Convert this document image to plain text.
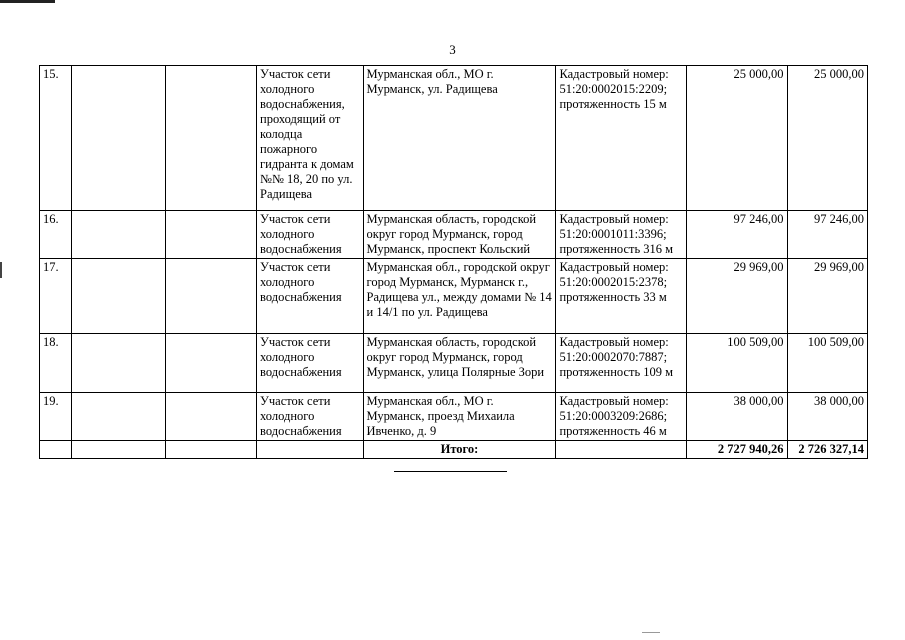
3
15.			Участок сети холодного водоснабжения, проходящий от колодца пожарного гидранта к домам №№ 18, 20 по ул. Радищева	Мурманская обл., МО г. Мурманск, ул. Радищева	Кадастровый номер: 51:20:0002015:2209; протяженность 15 м	25 000,00	25 000,00
16.			Участок сети холодного водоснабжения	Мурманская область, городской округ город Мурманск, город Мурманск, проспект Кольский	Кадастровый номер: 51:20:0001011:3396; протяженность 316 м	97 246,00	97 246,00
17.			Участок сети холодного водоснабжения	Мурманская обл., городской округ город Мурманск, Мурманск г., Радищева ул., между домами № 14 и 14/1 по ул. Радищева	Кадастровый номер: 51:20:0002015:2378; протяженность 33 м	29 969,00	29 969,00
18.			Участок сети холодного водоснабжения	Мурманская область, городской округ город Мурманск, город Мурманск, улица Полярные Зори	Кадастровый номер: 51:20:0002070:7887; протяженность 109 м	100 509,00	100 509,00
19.			Участок сети холодного водоснабжения	Мурманская обл., МО г. Мурманск, проезд Михаила Ивченко, д. 9	Кадастровый номер: 51:20:0003209:2686; протяженность 46 м	38 000,00	38 000,00
				Итого:		2 727 940,26	2 726 327,14
